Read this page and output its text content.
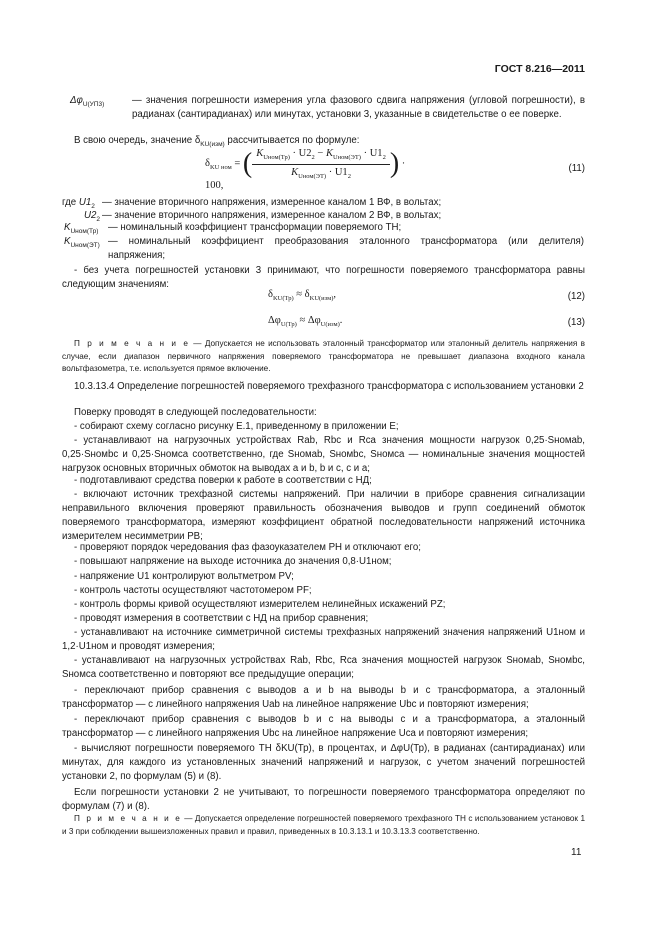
ГОСТ 8.216—2011
$\Delta\varphi_{U(УП3)}$	— значения погрешности измерения угла фазового сдвига напряжения (угловой погрешности), в радианах (сантирадианах) или минутах, установки 3, указанные в свидетельстве о ее поверке.

В свою очередь, значение $\delta_{KU(изм)}$ рассчитывается по формуле:

$\delta_{KU ном}$ = ( $\frac{K_{Uном(Тр)} \cdot U2_2 - K_{Uном(ЭТ)} \cdot U1_2}{K_{Uном(ЭТ)} \cdot U1_2}$ ) · 100,
(11)
где $U1_2$ — значение вторичного напряжения, измеренное каналом 1 ВФ, в вольтах;
$U2_2$ — значение вторичного напряжения, измеренное каналом 2 ВФ, в вольтах;
$K_{Uном(Тр)}$ — номинальный коэффициент трансформации поверяемого ТН;
$K_{Uном(ЭТ)}$ — номинальный коэффициент преобразования эталонного трансформатора (или делителя) напряжения;

- без учета погрешностей установки 3 принимают, что погрешности поверяемого трансформатора равны следующим значениям:

$\delta_{KU(Тр)} \approx \delta_{KU(изм)}$,	(12)
$\Delta\varphi_{U(Тр)} \approx \Delta\varphi_{U(изм)}$.	(13)

П р и м е ч а н и е — Допускается не использовать эталонный трансформатор или эталонный делитель напряжения в случае, если диапазон первичного напряжения поверяемого трансформатора не превышает диапазона входного канала вольтфазометра, т.е. используется прямое включение.

10.3.13.4 Определение погрешностей поверяемого трехфазного трансформатора c использованием установки 2

Поверку проводят в следующей последовательности:

- собирают схему согласно рисунку Е.1, приведенному в приложении Е;

- устанавливают на нагрузочных устройствах Rab, Rbc и Rca значения мощности нагрузок 0,25·Sномab, 0,25·Sномbc и 0,25·Sномca соответственно, где Sномab, Sномbc, Sномca — номинальные значения мощностей нагрузок основных вторичных обмоток на выводах a и b, b и c, c и a;

- подготавливают средства поверки к работе в соответствии с НД;

- включают источник трехфазной системы напряжений. При наличии в приборе сравнения сигнализации неправильного включения проверяют правильность обозначения выводов и групп соединений обмоток поверяемого трансформатора, измеряют коэффициент обратной последовательности напряжений источника измерителем несимметрии PB;

- проверяют порядок чередования фаз фазоуказателем PH и отключают его;

- повышают напряжение на выходе источника до значения 0,8·U1ном;

- напряжение U1 контролируют вольтметром PV;

- контроль частоты осуществляют частотомером PF;

- контроль формы кривой осуществляют измерителем нелинейных искажений PZ;

- проводят измерения в соответствии с НД на прибор сравнения;

- устанавливают на источнике симметричной системы трехфазных напряжений значения напряжений U1ном и 1,2·U1ном и проводят измерения;

- устанавливают на нагрузочных устройствах Rab, Rbc, Rca значения мощностей нагрузок Sномab, Sномbc, Sномca соответственно и повторяют все предыдущие операции;

- переключают прибор сравнения с выводов a и b на выводы b и c трансформатора, а эталонный трансформатор — с линейного напряжения Uab на линейное напряжение Ubc и повторяют измерения;

- переключают прибор сравнения с выводов b и c на выводы c и a трансформатора, а эталонный трансформатор — с линейного напряжения Ubc на линейное напряжение Uca и повторяют измерения;

- вычисляют погрешности поверяемого ТН δKU(Тр), в процентах, и ΔφU(Тр), в радианах (сантирадианах) или минутах, для каждого из установленных значений напряжений и нагрузок, с учетом значений погрешностей установки 2, по формулам (5) и (8).

Если погрешности установки 2 не учитывают, то погрешности поверяемого трансформатора определяют по формулам (7) и (8).

П р и м е ч а н и е — Допускается определение погрешностей поверяемого трехфазного ТН с использованием установок 1 и 3 при соблюдении вышеизложенных правил и правил, приведенных в 10.3.13.1 и 10.3.13.3 соответственно.

11
